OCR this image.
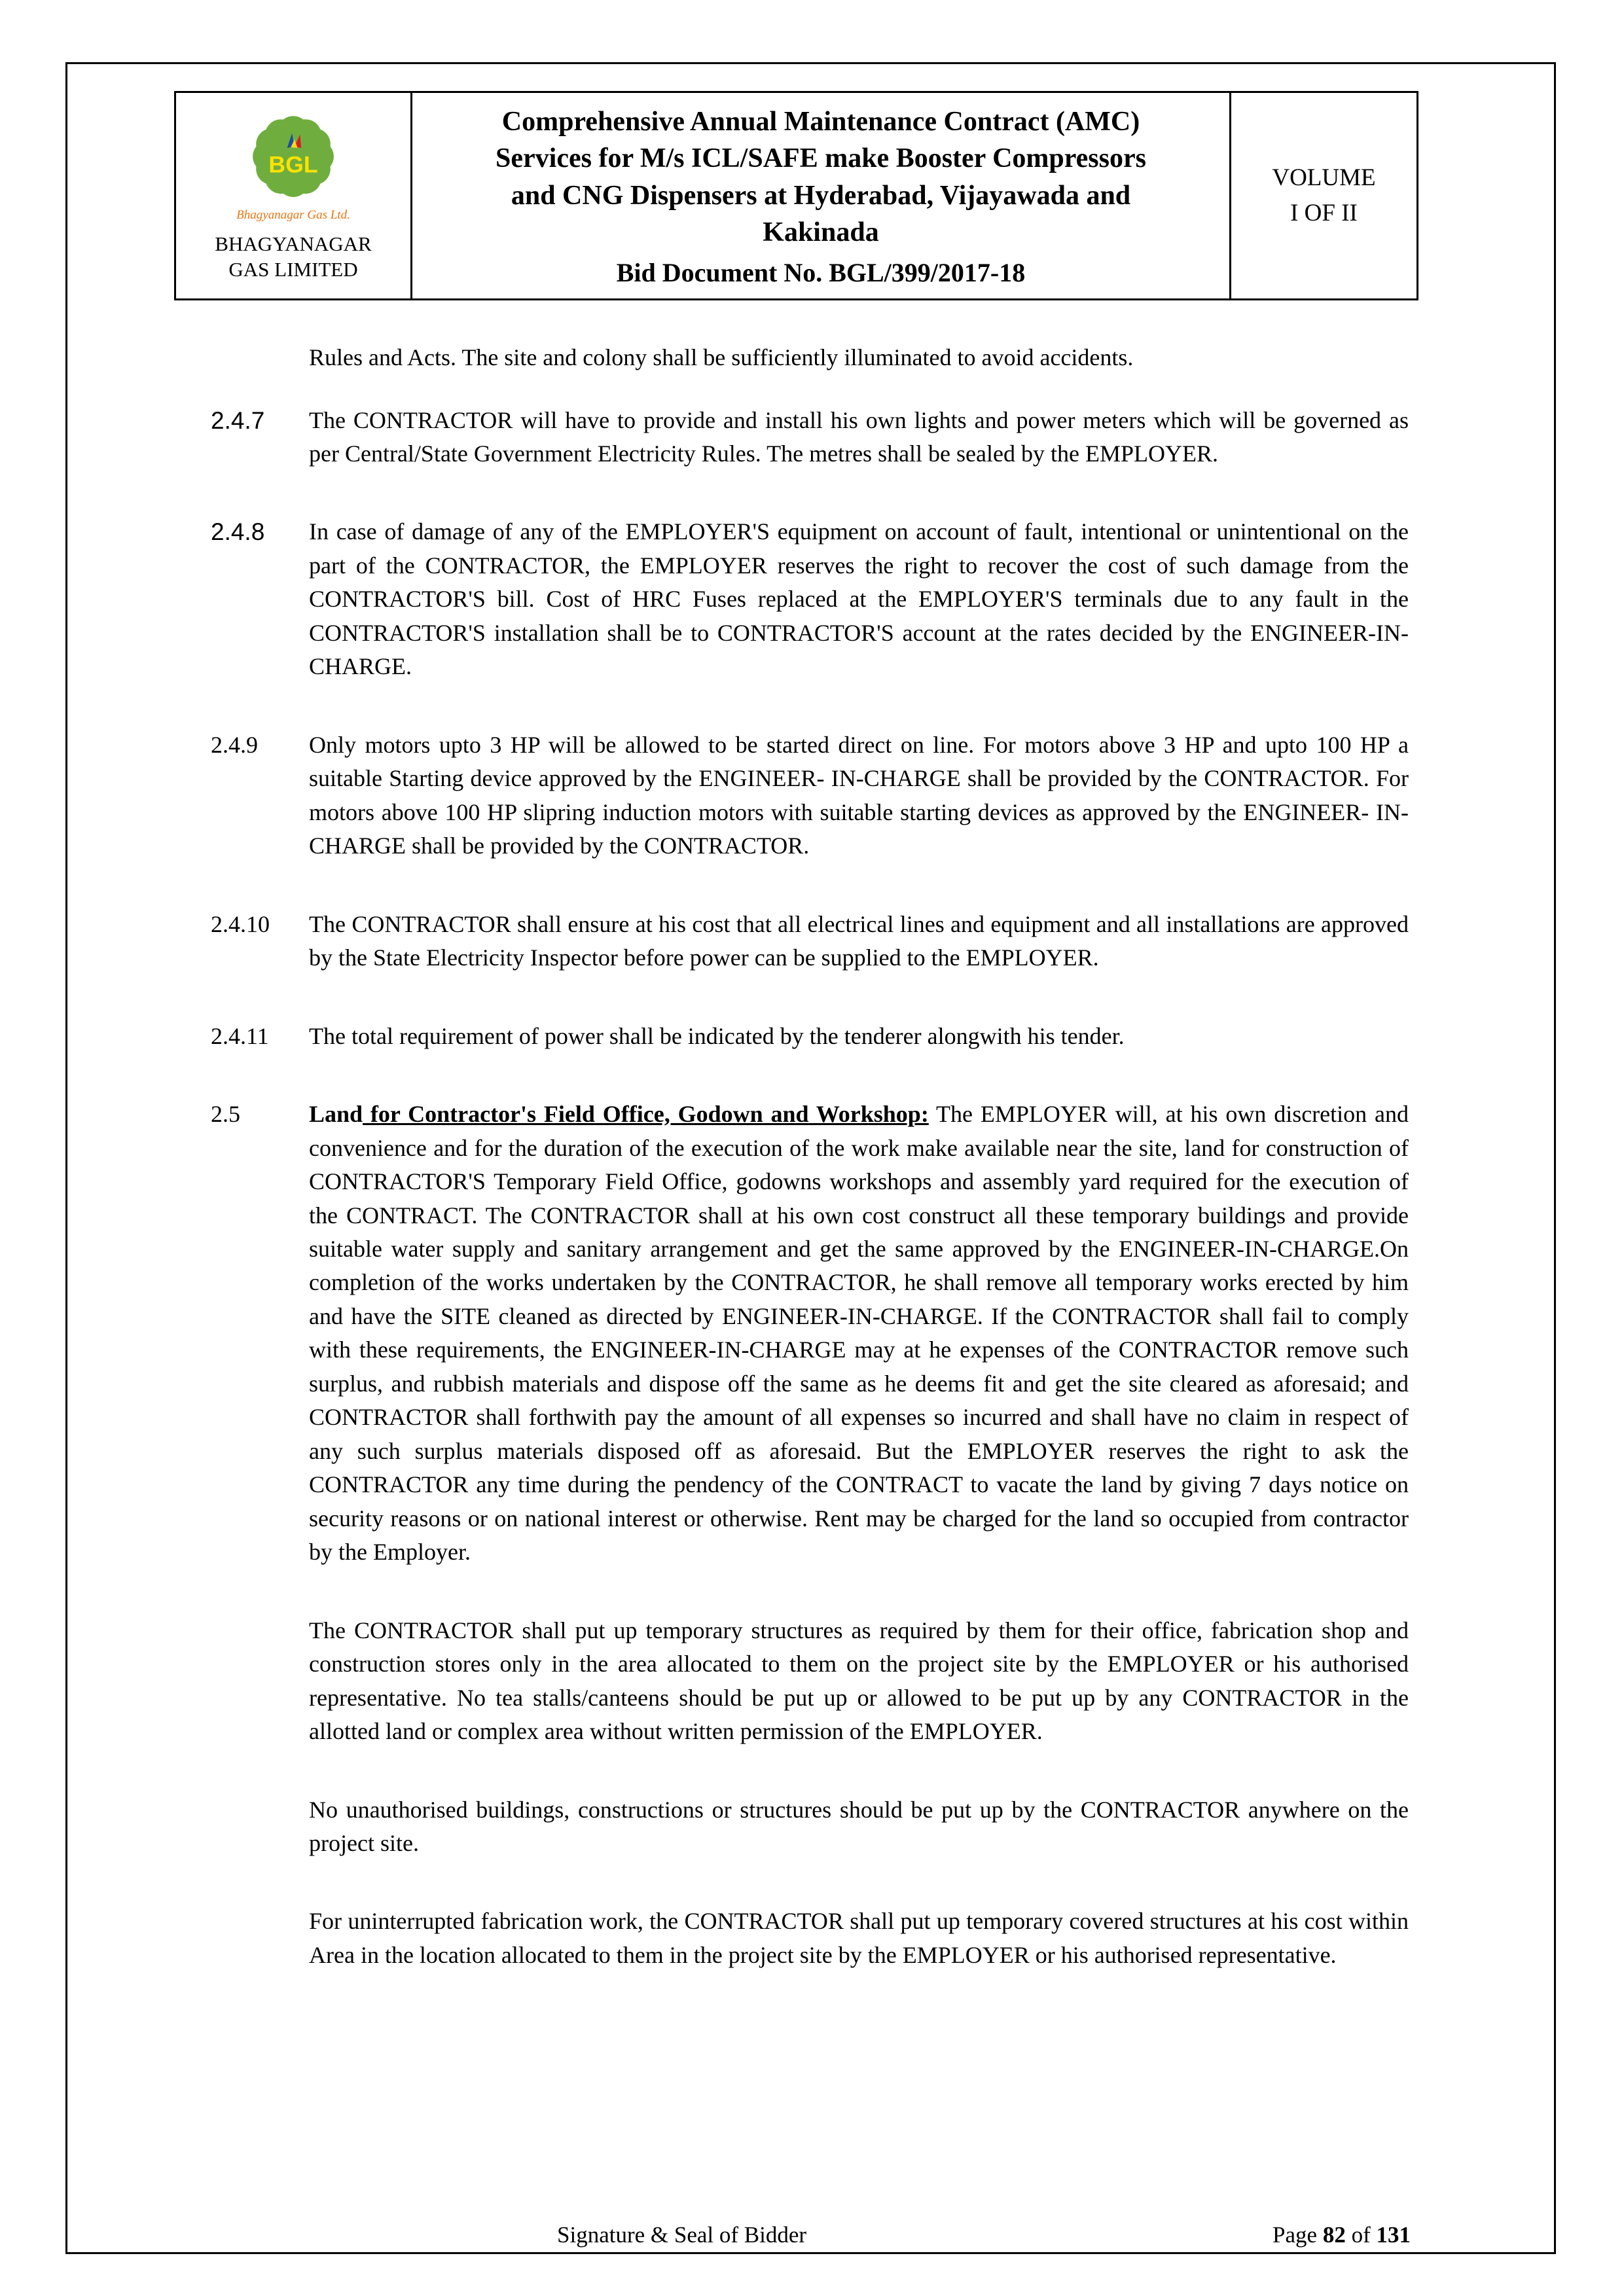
BGL
Bhagyanagar Gas Ltd.
BHAGYANAGAR
GAS LIMITED
Comprehensive Annual Maintenance Contract (AMC)
Services for M/s ICL/SAFE make Booster Compressors
and CNG Dispensers at Hyderabad, Vijayawada and
Kakinada
Bid Document No. BGL/399/2017-18
VOLUME
I OF II

Rules and Acts. The site and colony shall be sufficiently illuminated to avoid accidents.

2.4.7	The CONTRACTOR will have to provide and install his own lights and power meters which will be governed as per Central/State Government Electricity Rules. The metres shall be sealed by the EMPLOYER.
2.4.8	In case of damage of any of the EMPLOYER'S equipment on account of fault, intentional or unintentional on the part of the CONTRACTOR, the EMPLOYER reserves the right to recover the cost of such damage from the CONTRACTOR'S bill. Cost of HRC Fuses replaced at the EMPLOYER'S terminals due to any fault in the CONTRACTOR'S installation shall be to CONTRACTOR'S account at the rates decided by the ENGINEER-IN-CHARGE.
2.4.9	Only motors upto 3 HP will be allowed to be started direct on line. For motors above 3 HP and upto 100 HP a suitable Starting device approved by the ENGINEER- IN-CHARGE shall be provided by the CONTRACTOR. For motors above 100 HP slipring induction motors with suitable starting devices as approved by the ENGINEER- IN-CHARGE shall be provided by the CONTRACTOR.
2.4.10	The CONTRACTOR shall ensure at his cost that all electrical lines and equipment and all installations are approved by the State Electricity Inspector before power can be supplied to the EMPLOYER.
2.4.11	The total requirement of power shall be indicated by the tenderer alongwith his tender.
2.5	Land for Contractor's Field Office, Godown and Workshop: The EMPLOYER will, at his own discretion and convenience and for the duration of the execution of the work make available near the site, land for construction of CONTRACTOR'S Temporary Field Office, godowns workshops and assembly yard required for the execution of the CONTRACT. The CONTRACTOR shall at his own cost construct all these temporary buildings and provide suitable water supply and sanitary arrangement and get the same approved by the ENGINEER-IN-CHARGE.On completion of the works undertaken by the CONTRACTOR, he shall remove all temporary works erected by him and have the SITE cleaned as directed by ENGINEER-IN-CHARGE. If the CONTRACTOR shall fail to comply with these requirements, the ENGINEER-IN-CHARGE may at he expenses of the CONTRACTOR remove such surplus, and rubbish materials and dispose off the same as he deems fit and get the site cleared as aforesaid; and CONTRACTOR shall forthwith pay the amount of all expenses so incurred and shall have no claim in respect of any such surplus materials disposed off as aforesaid. But the EMPLOYER reserves the right to ask the CONTRACTOR any time during the pendency of the CONTRACT to vacate the land by giving 7 days notice on security reasons or on national interest or otherwise. Rent may be charged for the land so occupied from contractor by the Employer.
The CONTRACTOR shall put up temporary structures as required by them for their office, fabrication shop and construction stores only in the area allocated to them on the project site by the EMPLOYER or his authorised representative. No tea stalls/canteens should be put up or allowed to be put up by any CONTRACTOR in the allotted land or complex area without written permission of the EMPLOYER.
No unauthorised buildings, constructions or structures should be put up by the CONTRACTOR anywhere on the project site.
For uninterrupted fabrication work, the CONTRACTOR shall put up temporary covered structures at his cost within Area in the location allocated to them in the project site by the EMPLOYER or his authorised representative.
Signature & Seal of Bidder	Page 82 of 131
